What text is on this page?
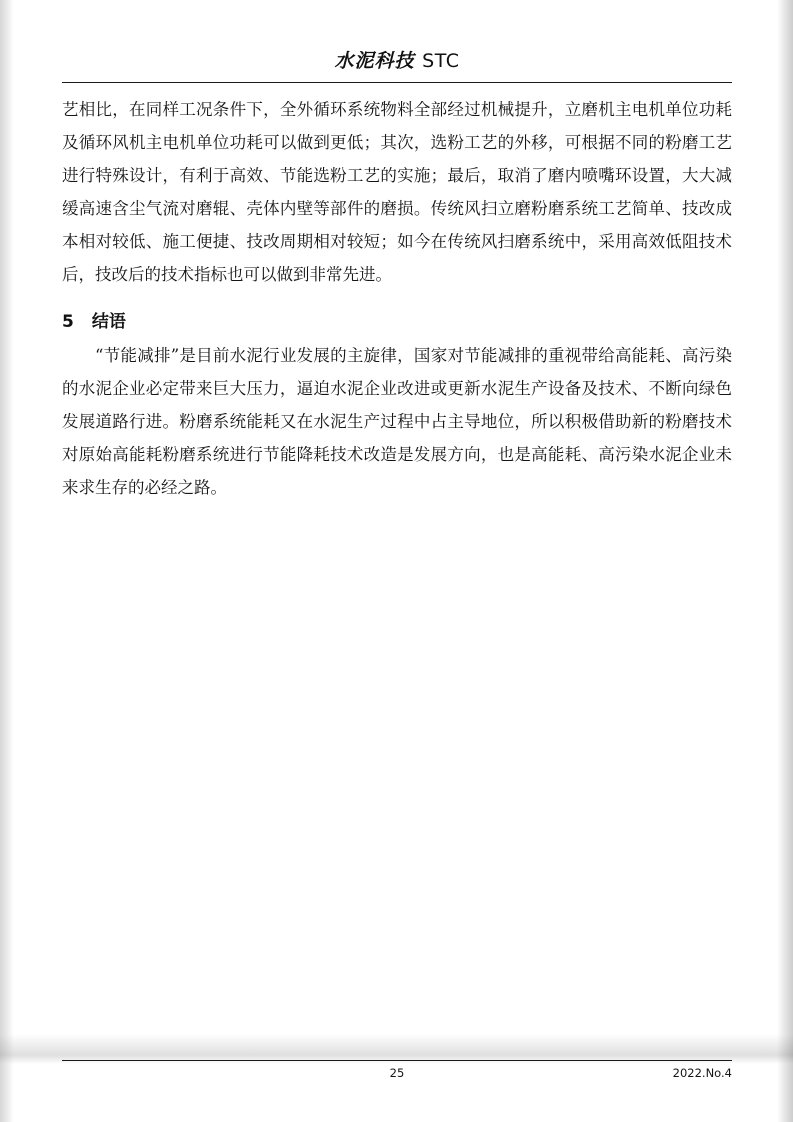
水泥科技 STC

艺相比，在同样工况条件下，全外循环系统物料全部经过机械提升，立磨机主电机单位功耗及循环风机主电机单位功耗可以做到更低；其次，选粉工艺的外移，可根据不同的粉磨工艺进行特殊设计，有利于高效、节能选粉工艺的实施；最后，取消了磨内喷嘴环设置，大大减缓高速含尘气流对磨辊、壳体内壁等部件的磨损。传统风扫立磨粉磨系统工艺简单、技改成本相对较低、施工便捷、技改周期相对较短；如今在传统风扫磨系统中，采用高效低阻技术后，技改后的技术指标也可以做到非常先进。

5 结语

“节能减排”是目前水泥行业发展的主旋律，国家对节能减排的重视带给高能耗、高污染的水泥企业必定带来巨大压力，逼迫水泥企业改进或更新水泥生产设备及技术、不断向绿色发展道路行进。粉磨系统能耗又在水泥生产过程中占主导地位，所以积极借助新的粉磨技术对原始高能耗粉磨系统进行节能降耗技术改造是发展方向，也是高能耗、高污染水泥企业未来求生存的必经之路。

25	2022.No.4
